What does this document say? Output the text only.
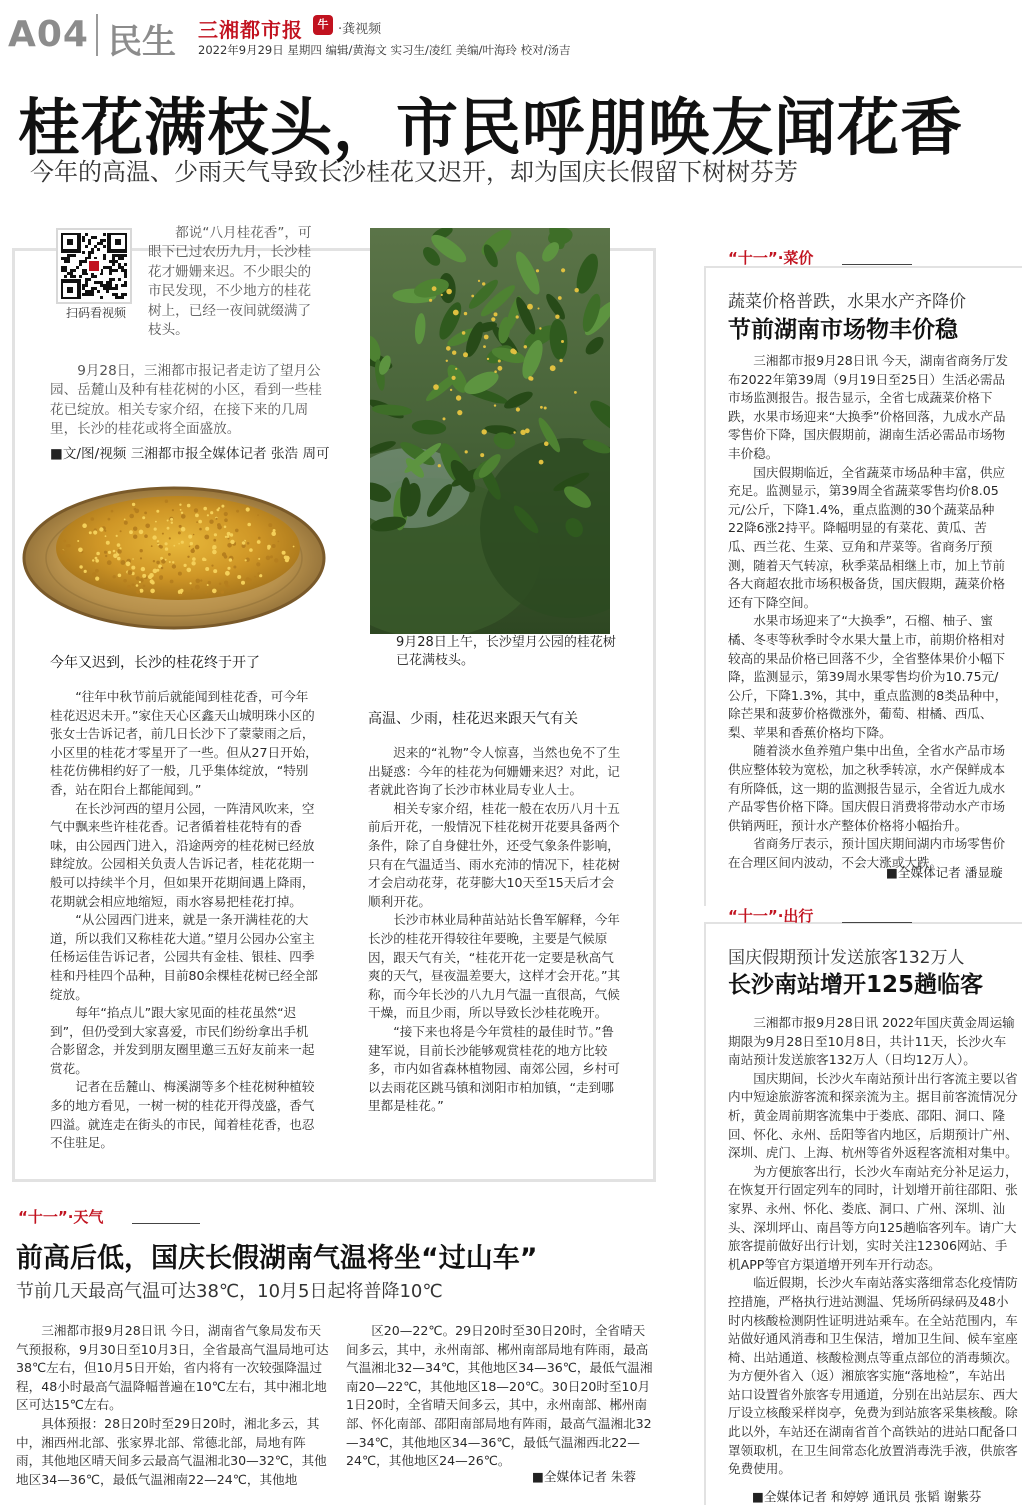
A04 民生 三湘都市报	牛 ·龚视频
2022年9月29日 星期四 编辑/黄海文 实习生/凌红 美编/叶海玲 校对/汤吉
桂花满枝头，市民呼朋唤友闻花香
今年的高温、少雨天气导致长沙桂花又迟开，却为国庆长假留下树树芬芳
扫码看视频
都说“八月桂花香”，可眼下已过农历九月，长沙桂花才姗姗来迟。不少眼尖的市民发现，不少地方的桂花树上，已经一夜间就缀满了枝头。
9月28日，三湘都市报记者走访了望月公园、岳麓山及种有桂花树的小区，看到一些桂花已绽放。相关专家介绍，在接下来的几周里，长沙的桂花或将全面盛放。
■文/图/视频 三湘都市报全媒体记者 张浩 周可
9月28日上午，长沙望月公园的桂花树已花满枝头。
今年又迟到，长沙的桂花终于开了

“往年中秋节前后就能闻到桂花香，可今年桂花迟迟未开。”家住天心区鑫天山城明珠小区的张女士告诉记者，前几日长沙下了蒙蒙雨之后，小区里的桂花才零星开了一些。但从27日开始，桂花仿佛相约好了一般，几乎集体绽放，“特别香，站在阳台上都能闻到。”

在长沙河西的望月公园，一阵清风吹来，空气中飘来些许桂花香。记者循着桂花特有的香味，由公园西门进入，沿途两旁的桂花树已经放肆绽放。公园相关负责人告诉记者，桂花花期一般可以持续半个月，但如果开花期间遇上降雨，花期就会相应地缩短，雨水容易把桂花打掉。

“从公园西门进来，就是一条开满桂花的大道，所以我们又称桂花大道。”望月公园办公室主任杨运佳告诉记者，公园共有金桂、银桂、四季桂和丹桂四个品种，目前80余棵桂花树已经全部绽放。

每年“掐点儿”跟大家见面的桂花虽然“迟到”，但仍受到大家喜爱，市民们纷纷拿出手机合影留念，并发到朋友圈里邀三五好友前来一起赏花。

记者在岳麓山、梅溪湖等多个桂花树种植较多的地方看见，一树一树的桂花开得茂盛，香气四溢。就连走在街头的市民，闻着桂花香，也忍不住驻足。

高温、少雨，桂花迟来跟天气有关

迟来的“礼物”令人惊喜，当然也免不了生出疑惑：今年的桂花为何姗姗来迟？对此，记者就此咨询了长沙市林业局专业人士。

相关专家介绍，桂花一般在农历八月十五前后开花，一般情况下桂花树开花要具备两个条件，除了自身健壮外，还受气象条件影响，只有在气温适当、雨水充沛的情况下，桂花树才会启动花芽，花芽膨大10天至15天后才会顺利开花。

长沙市林业局种苗站站长鲁军解释，今年长沙的桂花开得较往年要晚，主要是气候原因，跟天气有关，“桂花开花一定要是秋高气爽的天气，昼夜温差要大，这样才会开花。”其称，而今年长沙的八九月气温一直很高，气候干燥，而且少雨，所以导致长沙桂花晚开。

“接下来也将是今年赏桂的最佳时节。”鲁建军说，目前长沙能够观赏桂花的地方比较多，市内如省森林植物园、南郊公园，乡村可以去雨花区跳马镇和浏阳市柏加镇，“走到哪里都是桂花。”

“十一”·菜价
蔬菜价格普跌，水果水产齐降价
节前湖南市场物丰价稳

三湘都市报9月28日讯 今天，湖南省商务厅发布2022年第39周（9月19日至25日）生活必需品市场监测报告。报告显示，全省七成蔬菜价格下跌，水果市场迎来“大换季”价格回落，九成水产品零售价下降，国庆假期前，湖南生活必需品市场物丰价稳。

国庆假期临近，全省蔬菜市场品种丰富，供应充足。监测显示，第39周全省蔬菜零售均价8.05元/公斤，下降1.4%，重点监测的30个蔬菜品种22降6涨2持平。降幅明显的有菜花、黄瓜、苦瓜、西兰花、生菜、豆角和芹菜等。省商务厅预测，随着天气转凉，秋季菜品相继上市，加上节前各大商超农批市场积极备货，国庆假期，蔬菜价格还有下降空间。

水果市场迎来了“大换季”，石榴、柚子、蜜橘、冬枣等秋季时令水果大量上市，前期价格相对较高的果品价格已回落不少，全省整体果价小幅下降，监测显示，第39周水果零售均价为10.75元/公斤，下降1.3%，其中，重点监测的8类品种中，除芒果和菠萝价格微涨外，葡萄、柑橘、西瓜、梨、苹果和香蕉价格均下降。

随着淡水鱼养殖户集中出鱼，全省水产品市场供应整体较为宽松，加之秋季转凉，水产保鲜成本有所降低，这一期的监测报告显示，全省近九成水产品零售价格下降。国庆假日消费将带动水产市场供销两旺，预计水产整体价格将小幅抬升。

省商务厅表示，预计国庆期间湖内市场零售价在合理区间内波动，不会大涨或大跌。

■全媒体记者 潘显璇
“十一”·出行
国庆假期预计发送旅客132万人
长沙南站增开125趟临客

三湘都市报9月28日讯 2022年国庆黄金周运输期限为9月28日至10月8日，共计11天，长沙火车南站预计发送旅客132万人（日均12万人）。

国庆期间，长沙火车南站预计出行客流主要以省内中短途旅游客流和探亲流为主。据目前客流情况分析，黄金周前期客流集中于娄底、邵阳、洞口、隆回、怀化、永州、岳阳等省内地区，后期预计广州、深圳、虎门、上海、杭州等省外返程客流相对集中。

为方便旅客出行，长沙火车南站充分补足运力，在恢复开行固定列车的同时，计划增开前往邵阳、张家界、永州、怀化、娄底、洞口、广州、深圳、汕头、深圳坪山、南昌等方向125趟临客列车。请广大旅客提前做好出行计划，实时关注12306网站、手机APP等官方渠道增开列车开行动态。

临近假期，长沙火车南站落实落细常态化疫情防控措施，严格执行进站测温、凭场所码绿码及48小时内核酸检测阴性证明进站乘车。在全站范围内，车站做好通风消毒和卫生保洁，增加卫生间、候车室座椅、出站通道、核酸检测点等重点部位的消毒频次。为方便外省入（返）湘旅客实施“落地检”，车站出站口设置省外旅客专用通道，分别在出站层东、西大厅设立核酸采样岗亭，免费为到站旅客采集核酸。除此以外，车站还在湖南省首个高铁站的进站口配备口罩领取机，在卫生间常态化放置消毒洗手液，供旅客免费使用。

■全媒体记者 和婷婷 通讯员 张韬 谢紫芬
“十一”·天气
前高后低，国庆长假湖南气温将坐“过山车”
节前几天最高气温可达38℃，10月5日起将普降10℃

三湘都市报9月28日讯 今日，湖南省气象局发布天气预报称，9月30日至10月3日，全省最高气温局地可达38℃左右，但10月5日开始，省内将有一次较强降温过程，48小时最高气温降幅普遍在10℃左右，其中湘北地区可达15℃左右。

具体预报：28日20时至29日20时，湘北多云，其中，湘西州北部、张家界北部、常德北部，局地有阵雨，其他地区晴天间多云最高气温湘北30—32℃，其他地区34—36℃，最低气温湘南22—24℃，其他地

区20—22℃。29日20时至30日20时，全省晴天间多云，其中，永州南部、郴州南部局地有阵雨，最高气温湘北32—34℃，其他地区34—36℃，最低气温湘南20—22℃，其他地区18—20℃。30日20时至10月1日20时，全省晴天间多云，其中，永州南部、郴州南部、怀化南部、邵阳南部局地有阵雨，最高气温湘北32—34℃，其他地区34—36℃，最低气温湘西北22—24℃，其他地区24—26℃。

■全媒体记者 朱蓉
